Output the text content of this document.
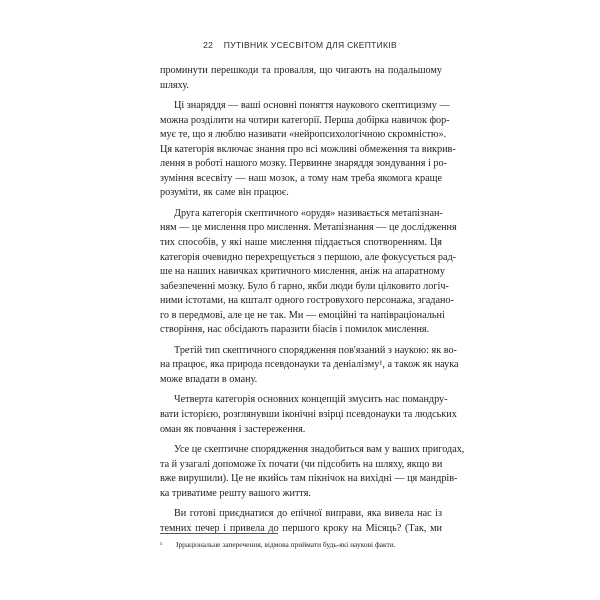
22 ПУТІВНИК УСЕСВІТОМ ДЛЯ СКЕПТИКІВ
проминути перешкоди та провалля, що чигають на подальшому
шляху.
Ці знаряддя — ваші основні поняття наукового скептицизму —
можна розділити на чотири категорії. Перша добірка навичок фор-
мує те, що я люблю називати «нейропсихологічною скромністю».
Ця категорія включає знання про всі можливі обмеження та викрив-
лення в роботі нашого мозку. Первинне знаряддя зондування і ро-
зуміння всесвіту — наш мозок, а тому нам треба якомога краще
розуміти, як саме він працює.
Друга категорія скептичного «орудя» називається метапізнан-
ням — це мислення про мислення. Метапізнання — це дослідження
тих способів, у які наше мислення піддається спотворенням. Ця
категорія очевидно перехрещується з першою, але фокусується рад-
ше на наших навичках критичного мислення, аніж на апаратному
забезпеченні мозку. Було б гарно, якби люди були цілковито логіч-
ними істотами, на кшталт одного гостровухого персонажа, згадано-
го в передмові, але це не так. Ми — емоційні та напівраціональні
створіння, нас обсідають паразити біасів і помилок мислення.
Третій тип скептичного спорядження пов'язаний з наукою: як во-
на працює, яка природа псевдонауки та деніалізму¹, а також як наука
може впадати в оману.
Четверта категорія основних концепцій змусить нас помандру-
вати історією, розглянувши іконічні взірці псевдонауки та людських
оман як повчання і застереження.
Усе це скептичне спорядження знадобиться вам у ваших пригодах,
та й узагалі допоможе їх почати (чи підсобить на шляху, якщо ви
вже вирушили). Це не якийсь там пікнічок на вихідні — ця мандрів-
ка триватиме решту вашого життя.
Ви готові приєднатися до епічної виправи, яка вивела нас із
темних печер і привела до першого кроку на Місяць? (Так, ми
¹ Ірраціональне заперечення, відмова приймати будь-які наукові факти.
